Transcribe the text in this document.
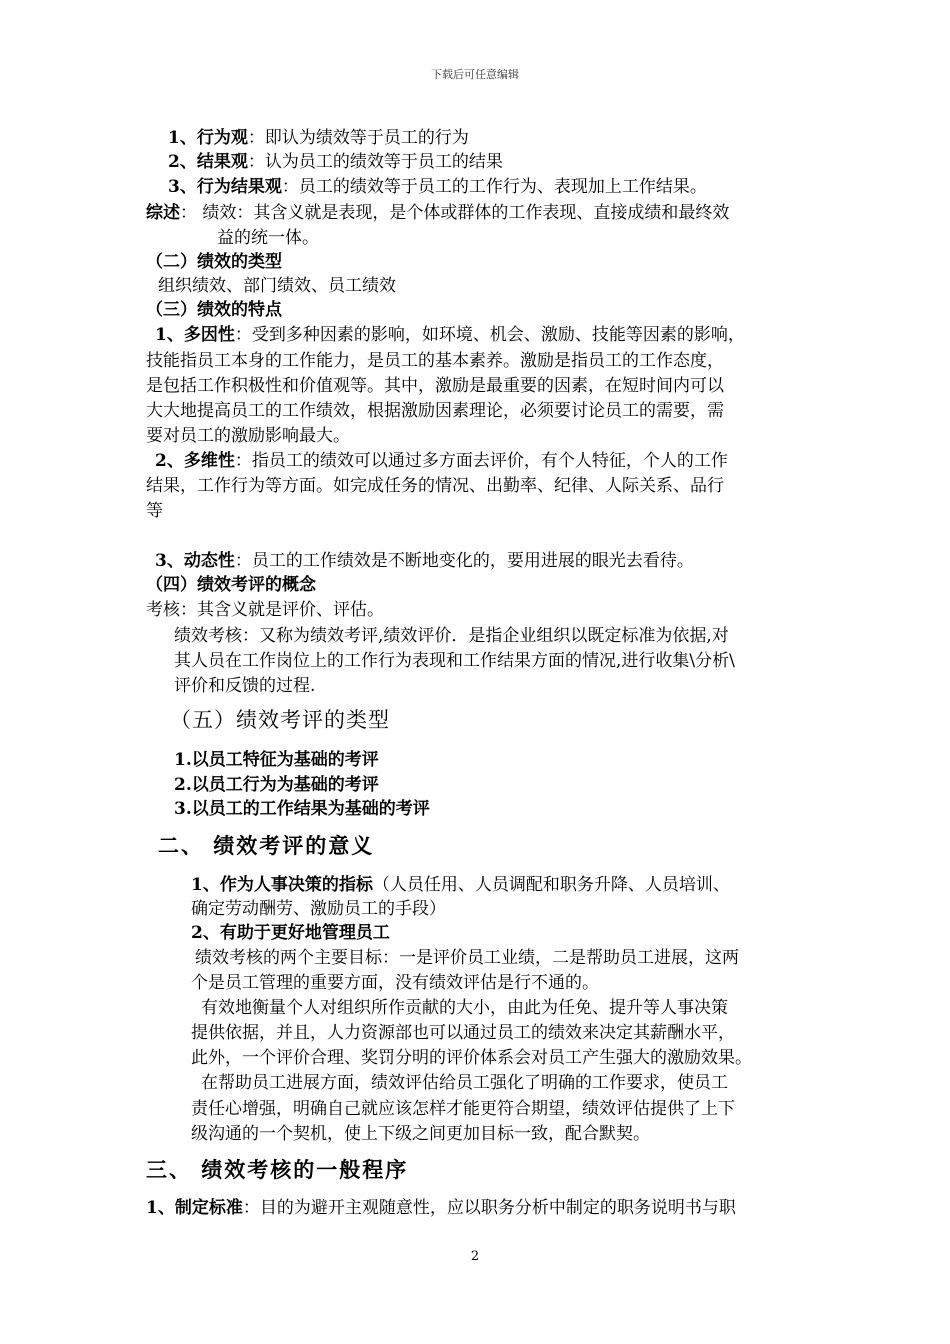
下载后可任意编辑
1、行为观：即认为绩效等于员工的行为
2、结果观：认为员工的绩效等于员工的结果
3、行为结果观：员工的绩效等于员工的工作行为、表现加上工作结果。
综述： 绩效：其含义就是表现，是个体或群体的工作表现、直接成绩和最终效
益的统一体。
（二）绩效的类型
组织绩效、部门绩效、员工绩效
（三）绩效的特点
1、多因性：受到多种因素的影响，如环境、机会、激励、技能等因素的影响，
技能指员工本身的工作能力，是员工的基本素养。激励是指员工的工作态度，
是包括工作积极性和价值观等。其中，激励是最重要的因素，在短时间内可以
大大地提高员工的工作绩效，根据激励因素理论，必须要讨论员工的需要，需
要对员工的激励影响最大。
2、多维性：指员工的绩效可以通过多方面去评价，有个人特征，个人的工作
结果，工作行为等方面。如完成任务的情况、出勤率、纪律、人际关系、品行
等
3、动态性：员工的工作绩效是不断地变化的，要用进展的眼光去看待。
（四）绩效考评的概念
考核：其含义就是评价、评估。
绩效考核：又称为绩效考评,绩效评价．是指企业组织以既定标准为依据,对
其人员在工作岗位上的工作行为表现和工作结果方面的情况,进行收集\分析\
评价和反馈的过程.
（五）绩效考评的类型
1.以员工特征为基础的考评
2.以员工行为为基础的考评
3.以员工的工作结果为基础的考评
二、 绩效考评的意义
1、作为人事决策的指标（人员任用、人员调配和职务升降、人员培训、
确定劳动酬劳、激励员工的手段）
2、有助于更好地管理员工
绩效考核的两个主要目标：一是评价员工业绩，二是帮助员工进展，这两
个是员工管理的重要方面，没有绩效评估是行不通的。
有效地衡量个人对组织所作贡献的大小，由此为任免、提升等人事决策
提供依据，并且，人力资源部也可以通过员工的绩效来决定其薪酬水平，
此外，一个评价合理、奖罚分明的评价体系会对员工产生强大的激励效果。
在帮助员工进展方面，绩效评估给员工强化了明确的工作要求，使员工
责任心增强，明确自己就应该怎样才能更符合期望，绩效评估提供了上下
级沟通的一个契机，使上下级之间更加目标一致，配合默契。
三、 绩效考核的一般程序
1、制定标准：目的为避开主观随意性，应以职务分析中制定的职务说明书与职
2
